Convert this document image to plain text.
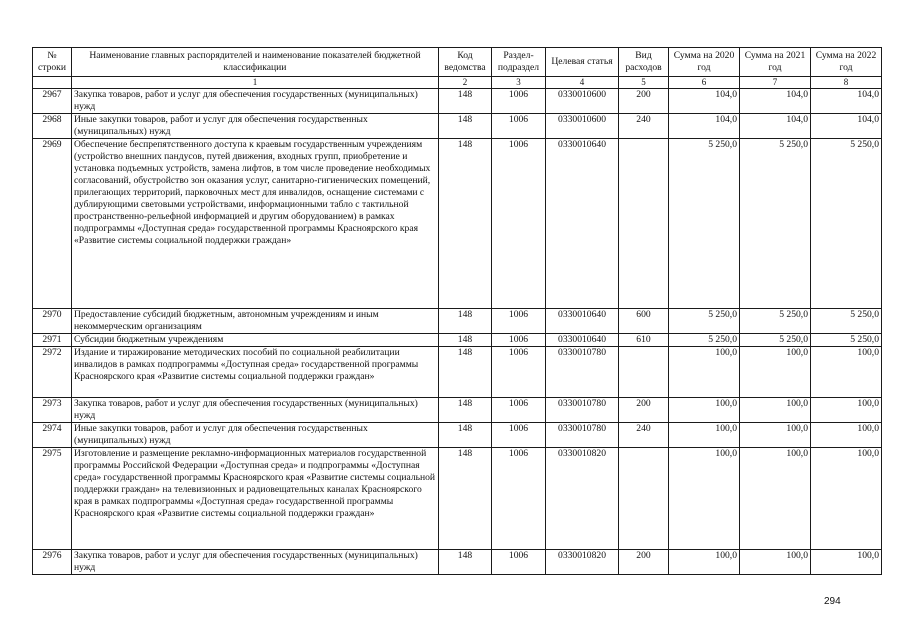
№ строки	Наименование главных распорядителей и наименование показателей бюджетной классификации	Код ведомства	Раздел-подраздел	Целевая статья	Вид расходов	Сумма на 2020 год	Сумма на 2021 год	Сумма на 2022 год
	1	2	3	4	5	6	7	8
2967	Закупка товаров, работ и услуг для обеспечения государственных (муниципальных) нужд	148	1006	0330010600	200	104,0	104,0	104,0
2968	Иные закупки товаров, работ и услуг для обеспечения государственных (муниципальных) нужд	148	1006	0330010600	240	104,0	104,0	104,0
2969	Обеспечение беспрепятственного доступа к краевым государственным учреждениям (устройство внешних пандусов, путей движения, входных групп, приобретение и установка подъемных устройств, замена лифтов, в том числе проведение необходимых согласований, обустройство зон оказания услуг, санитарно-гигиенических помещений, прилегающих территорий, парковочных мест для инвалидов, оснащение системами с дублирующими световыми устройствами, информационными табло с тактильной пространственно-рельефной информацией и другим оборудованием) в рамках подпрограммы «Доступная среда» государственной программы Красноярского края «Развитие системы социальной поддержки граждан»	148	1006	0330010640		5 250,0	5 250,0	5 250,0
2970	Предоставление субсидий бюджетным, автономным учреждениям и иным некоммерческим организациям	148	1006	0330010640	600	5 250,0	5 250,0	5 250,0
2971	Субсидии бюджетным учреждениям	148	1006	0330010640	610	5 250,0	5 250,0	5 250,0
2972	Издание и тиражирование методических пособий по социальной реабилитации инвалидов в рамках подпрограммы «Доступная среда» государственной программы Красноярского края «Развитие системы социальной поддержки граждан»	148	1006	0330010780		100,0	100,0	100,0
2973	Закупка товаров, работ и услуг для обеспечения государственных (муниципальных) нужд	148	1006	0330010780	200	100,0	100,0	100,0
2974	Иные закупки товаров, работ и услуг для обеспечения государственных (муниципальных) нужд	148	1006	0330010780	240	100,0	100,0	100,0
2975	Изготовление и размещение рекламно-информационных материалов государственной программы Российской Федерации «Доступная среда» и подпрограммы «Доступная среда» государственной программы Красноярского края «Развитие системы социальной поддержки граждан» на телевизионных и радиовещательных каналах Красноярского края в рамках подпрограммы «Доступная среда» государственной программы Красноярского края «Развитие системы социальной поддержки граждан»	148	1006	0330010820		100,0	100,0	100,0
2976	Закупка товаров, работ и услуг для обеспечения государственных (муниципальных) нужд	148	1006	0330010820	200	100,0	100,0	100,0
294
